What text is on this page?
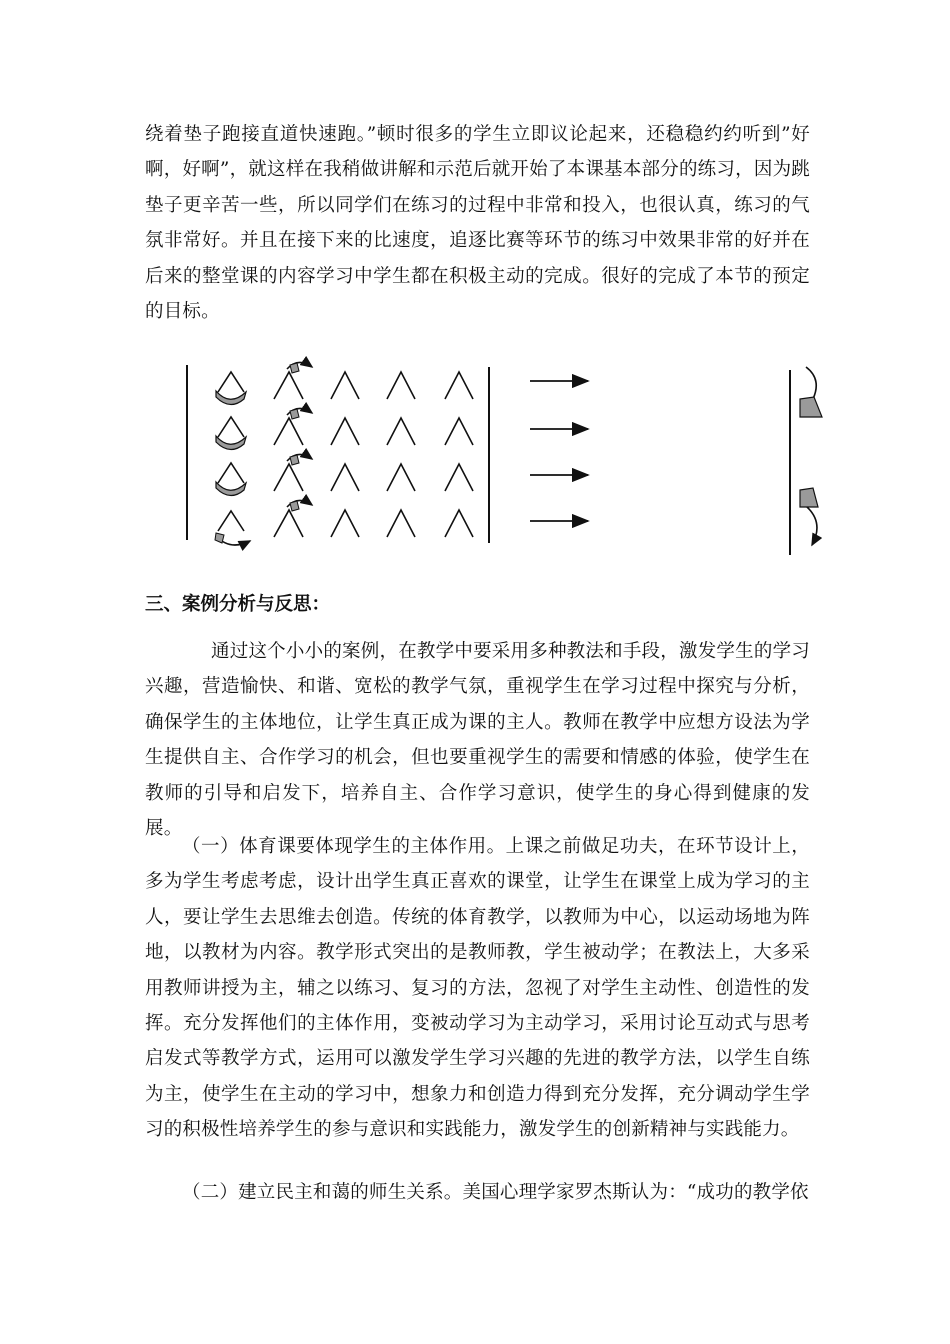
绕着垫子跑接直道快速跑。”顿时很多的学生立即议论起来，还稳稳约约听到”好啊，好啊”，就这样在我稍做讲解和示范后就开始了本课基本部分的练习，因为跳垫子更辛苦一些，所以同学们在练习的过程中非常和投入，也很认真，练习的气氛非常好。并且在接下来的比速度，追逐比赛等环节的练习中效果非常的好并在后来的整堂课的内容学习中学生都在积极主动的完成。很好的完成了本节的预定的目标。

三、案例分析与反思：

通过这个小小的案例，在教学中要采用多种教法和手段，激发学生的学习兴趣，营造愉快、和谐、宽松的教学气氛，重视学生在学习过程中探究与分析，确保学生的主体地位，让学生真正成为课的主人。教师在教学中应想方设法为学生提供自主、合作学习的机会，但也要重视学生的需要和情感的体验，使学生在教师的引导和启发下，培养自主、合作学习意识，使学生的身心得到健康的发展。

（一）体育课要体现学生的主体作用。上课之前做足功夫，在环节设计上，多为学生考虑考虑，设计出学生真正喜欢的课堂，让学生在课堂上成为学习的主人，要让学生去思维去创造。传统的体育教学，以教师为中心，以运动场地为阵地，以教材为内容。教学形式突出的是教师教，学生被动学；在教法上，大多采用教师讲授为主，辅之以练习、复习的方法，忽视了对学生主动性、创造性的发挥。充分发挥他们的主体作用，变被动学习为主动学习，采用讨论互动式与思考启发式等教学方式，运用可以激发学生学习兴趣的先进的教学方法，以学生自练为主，使学生在主动的学习中，想象力和创造力得到充分发挥，充分调动学生学习的积极性培养学生的参与意识和实践能力，激发学生的创新精神与实践能力。

（二）建立民主和蔼的师生关系。美国心理学家罗杰斯认为：“成功的教学依
